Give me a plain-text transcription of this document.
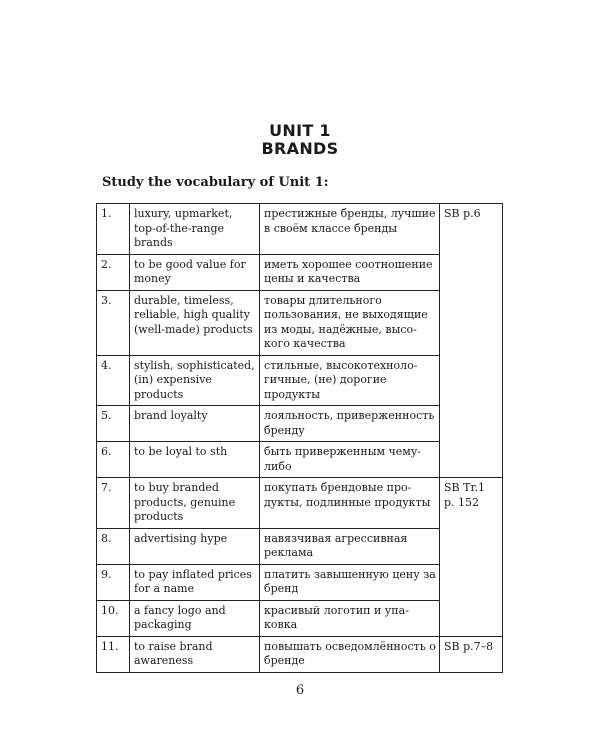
UNIT 1
BRANDS
Study the vocabulary of Unit 1:
1.	luxury, upmarket, top-of-the-range brands	престижные бренды, лучшие в своём классе бренды	SB p.6
2.	to be good value for money	иметь хорошее соотношение цены и качества	
3.	durable, timeless, reliable, high quality (well-made) products	товары длительного пользования, не выходящие из моды, надёжные, высокого качества	
4.	stylish, sophisticated, (in) expensive products	стильные, высокотехнологичные, (не) дорогие продукты	
5.	brand loyalty	лояльность, приверженность бренду	
6.	to be loyal to sth	быть приверженным чему-либо	
7.	to buy branded products, genuine products	покупать брендовые продукты, подлинные продукты	SB Tr.1 p. 152
8.	advertising hype	навязчивая агрессивная реклама	
9.	to pay inflated prices for a name	платить завышенную цену за бренд	
10.	a fancy logo and packaging	красивый логотип и упаковка	
11.	to raise brand awareness	повышать осведомлённость о бренде	SB p.7–8
6
